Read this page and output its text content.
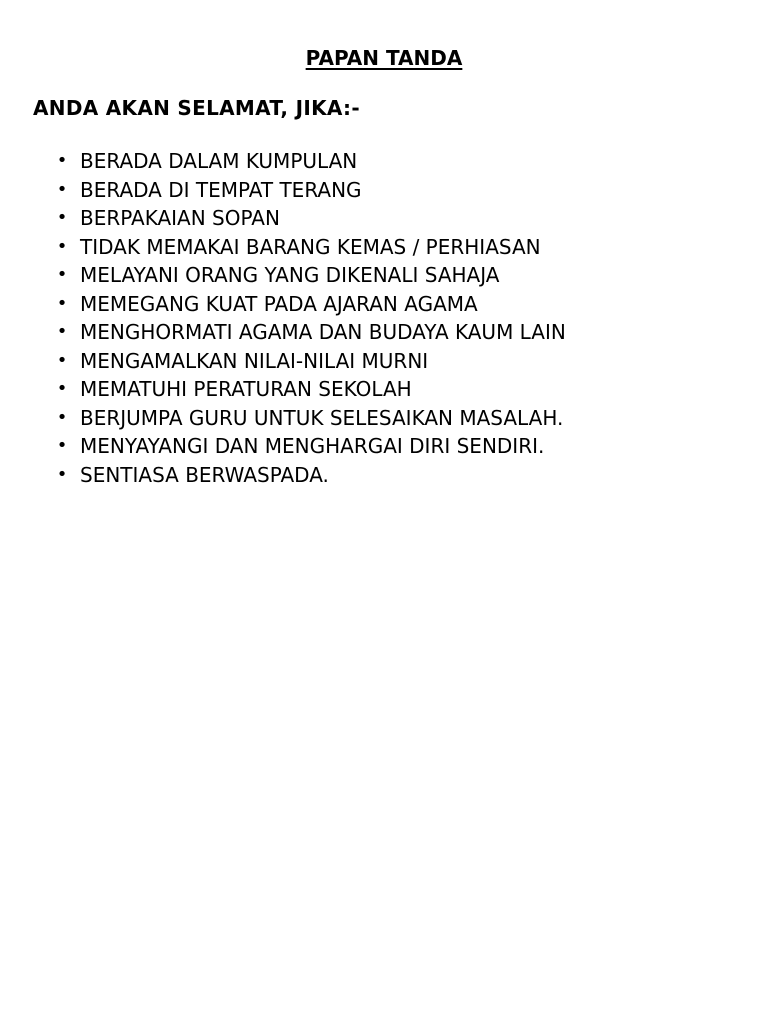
PAPAN TANDA
ANDA AKAN SELAMAT, JIKA:-
• BERADA DALAM KUMPULAN
• BERADA DI TEMPAT TERANG
• BERPAKAIAN SOPAN
• TIDAK MEMAKAI BARANG KEMAS / PERHIASAN
• MELAYANI ORANG YANG DIKENALI SAHAJA
• MEMEGANG KUAT PADA AJARAN AGAMA
• MENGHORMATI AGAMA DAN BUDAYA KAUM LAIN
• MENGAMALKAN NILAI-NILAI MURNI
• MEMATUHI PERATURAN SEKOLAH
• BERJUMPA GURU UNTUK SELESAIKAN MASALAH.
• MENYAYANGI DAN MENGHARGAI DIRI SENDIRI.
• SENTIASA BERWASPADA.
